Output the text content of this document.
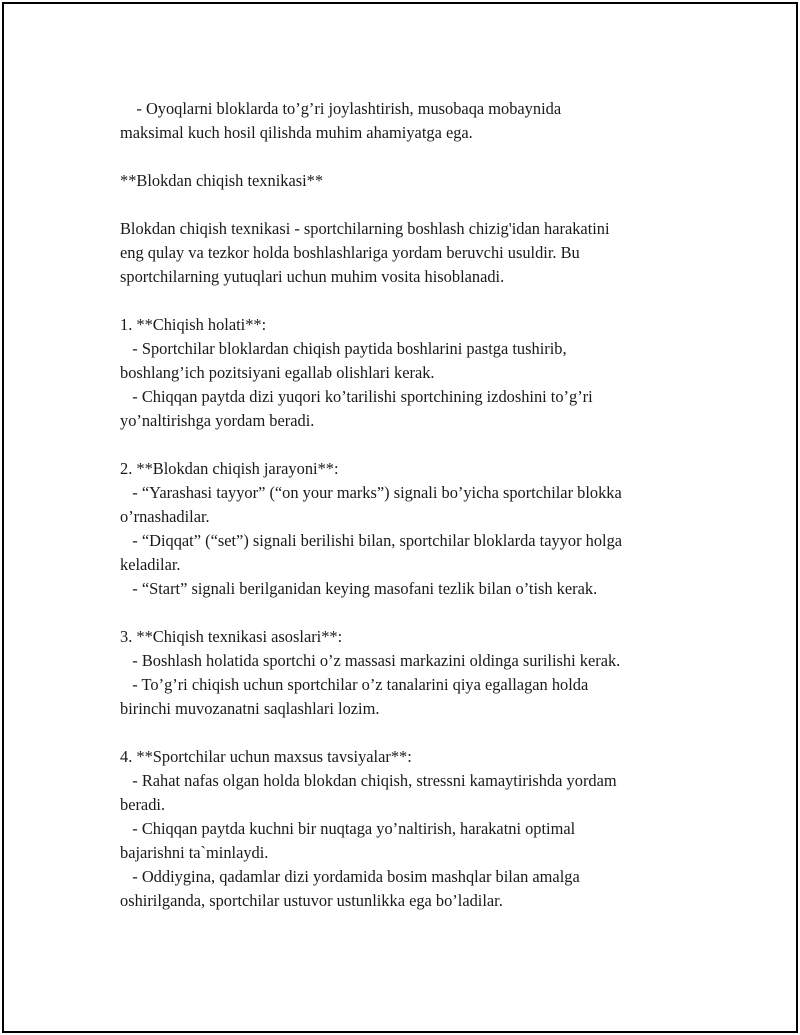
- Oyoqlarni bloklarda to’g’ri joylashtirish, musobaqa mobaynida
maksimal kuch hosil qilishda muhim ahamiyatga ega.
**Blokdan chiqish texnikasi**
Blokdan chiqish texnikasi - sportchilarning boshlash chizig'idan harakatini
eng qulay va tezkor holda boshlashlariga yordam beruvchi usuldir. Bu
sportchilarning yutuqlari uchun muhim vosita hisoblanadi.
1. **Chiqish holati**:
- Sportchilar bloklardan chiqish paytida boshlarini pastga tushirib,
boshlang’ich pozitsiyani egallab olishlari kerak.
- Chiqqan paytda dizi yuqori ko’tarilishi sportchining izdoshini to’g’ri
yo’naltirishga yordam beradi.
2. **Blokdan chiqish jarayoni**:
- “Yarashasi tayyor” (“on your marks”) signali bo’yicha sportchilar blokka
o’rnashadilar.
- “Diqqat” (“set”) signali berilishi bilan, sportchilar bloklarda tayyor holga
keladilar.
- “Start” signali berilganidan keying masofani tezlik bilan o’tish kerak.
3. **Chiqish texnikasi asoslari**:
- Boshlash holatida sportchi o’z massasi markazini oldinga surilishi kerak.
- To’g’ri chiqish uchun sportchilar o’z tanalarini qiya egallagan holda
birinchi muvozanatni saqlashlari lozim.
4. **Sportchilar uchun maxsus tavsiyalar**:
- Rahat nafas olgan holda blokdan chiqish, stressni kamaytirishda yordam
beradi.
- Chiqqan paytda kuchni bir nuqtaga yo’naltirish, harakatni optimal
bajarishni ta`minlaydi.
- Oddiygina, qadamlar dizi yordamida bosim mashqlar bilan amalga
oshirilganda, sportchilar ustuvor ustunlikka ega bo’ladilar.
